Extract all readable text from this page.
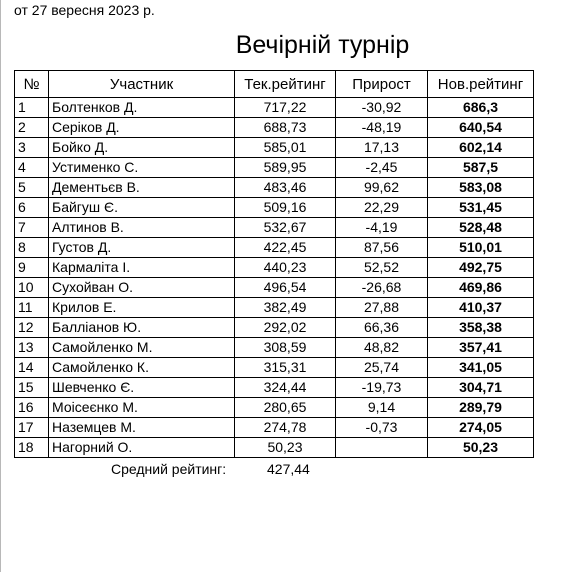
от 27 вересня 2023 р.
Вечірній турнір
№	Участник	Тек.рейтинг	Прирост	Нов.рейтинг
1	Болтенков Д.	717,22	-30,92	686,3
2	Серіков Д.	688,73	-48,19	640,54
3	Бойко Д.	585,01	17,13	602,14
4	Устименко С.	589,95	-2,45	587,5
5	Дементьєв В.	483,46	99,62	583,08
6	Байгуш Є.	509,16	22,29	531,45
7	Алтинов В.	532,67	-4,19	528,48
8	Густов Д.	422,45	87,56	510,01
9	Кармаліта І.	440,23	52,52	492,75
10	Сухойван О.	496,54	-26,68	469,86
11	Крилов Е.	382,49	27,88	410,37
12	Балліанов Ю.	292,02	66,36	358,38
13	Самойленко М.	308,59	48,82	357,41
14	Самойленко К.	315,31	25,74	341,05
15	Шевченко Є.	324,44	-19,73	304,71
16	Моісеєнко М.	280,65	9,14	289,79
17	Наземцев М.	274,78	-0,73	274,05
18	Нагорний О.	50,23		50,23
Средний рейтинг:	427,44
